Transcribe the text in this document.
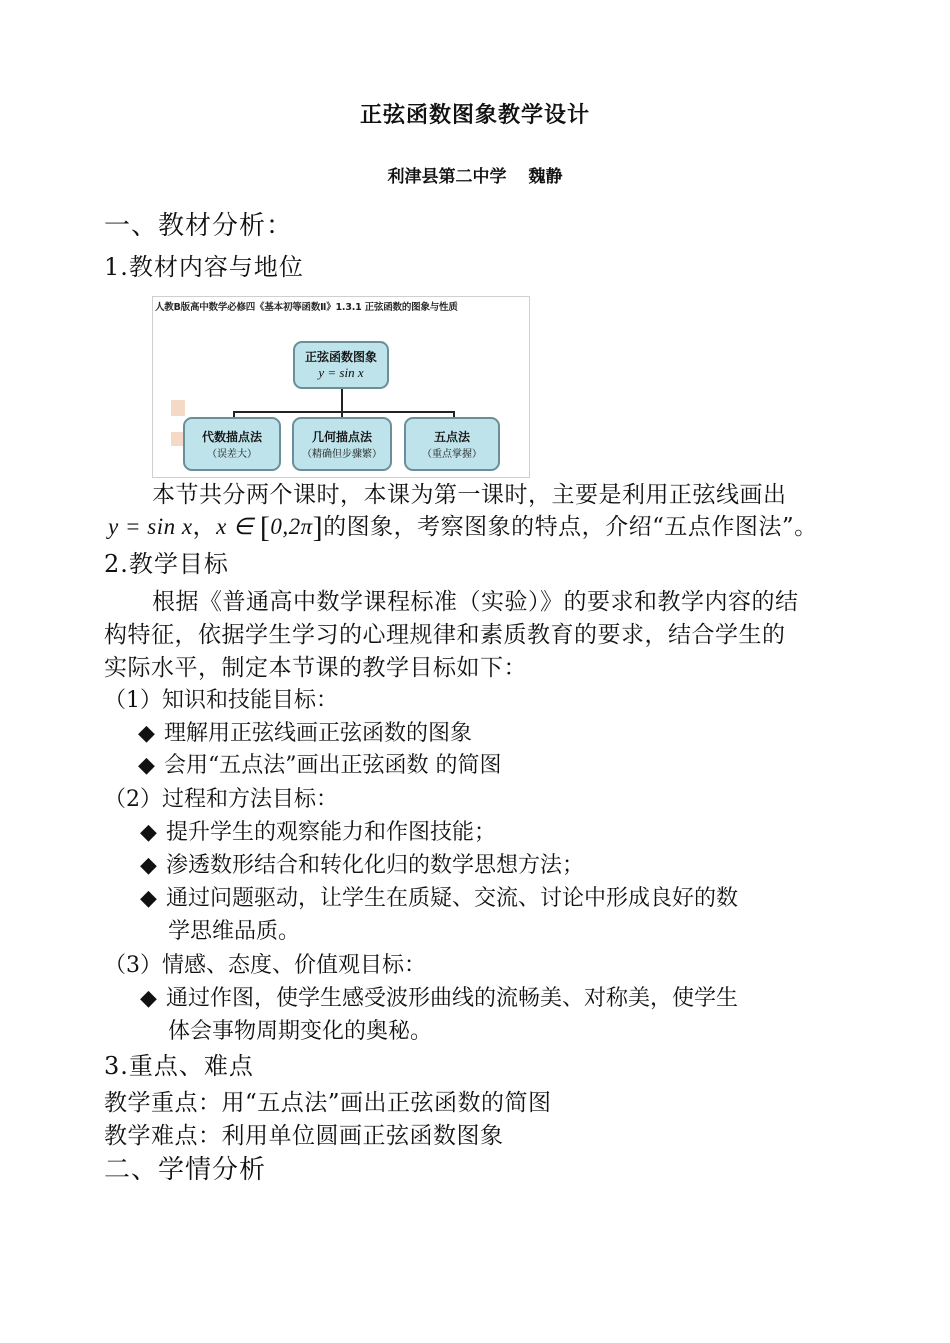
正弦函数图象教学设计
利津县第二中学 魏静
一、教材分析：
1.教材内容与地位
人教B版高中数学必修四《基本初等函数Ⅱ》1.3.1 正弦函数的图象与性质
正弦函数图象
y = sin x
代数描点法
（误差大）
几何描点法
（精确但步骤繁）
五点法
（重点掌握）
本节共分两个课时，本课为第一课时，主要是利用正弦线画出
y = sin x，x ∈ [0,2π]的图象，考察图象的特点，介绍“五点作图法”。
2.教学目标
根据《普通高中数学课程标准（实验）》的要求和教学内容的结
构特征，依据学生学习的心理规律和素质教育的要求，结合学生的
实际水平，制定本节课的教学目标如下：
（1）知识和技能目标：
◆ 理解用正弦线画正弦函数的图象
◆ 会用“五点法”画出正弦函数 的简图
（2）过程和方法目标：
◆ 提升学生的观察能力和作图技能；
◆ 渗透数形结合和转化化归的数学思想方法；
◆ 通过问题驱动，让学生在质疑、交流、讨论中形成良好的数
学思维品质。
（3）情感、态度、价值观目标：
◆ 通过作图，使学生感受波形曲线的流畅美、对称美，使学生
体会事物周期变化的奥秘。
3.重点、难点
教学重点：用“五点法”画出正弦函数的简图
教学难点：利用单位圆画正弦函数图象
二、学情分析
